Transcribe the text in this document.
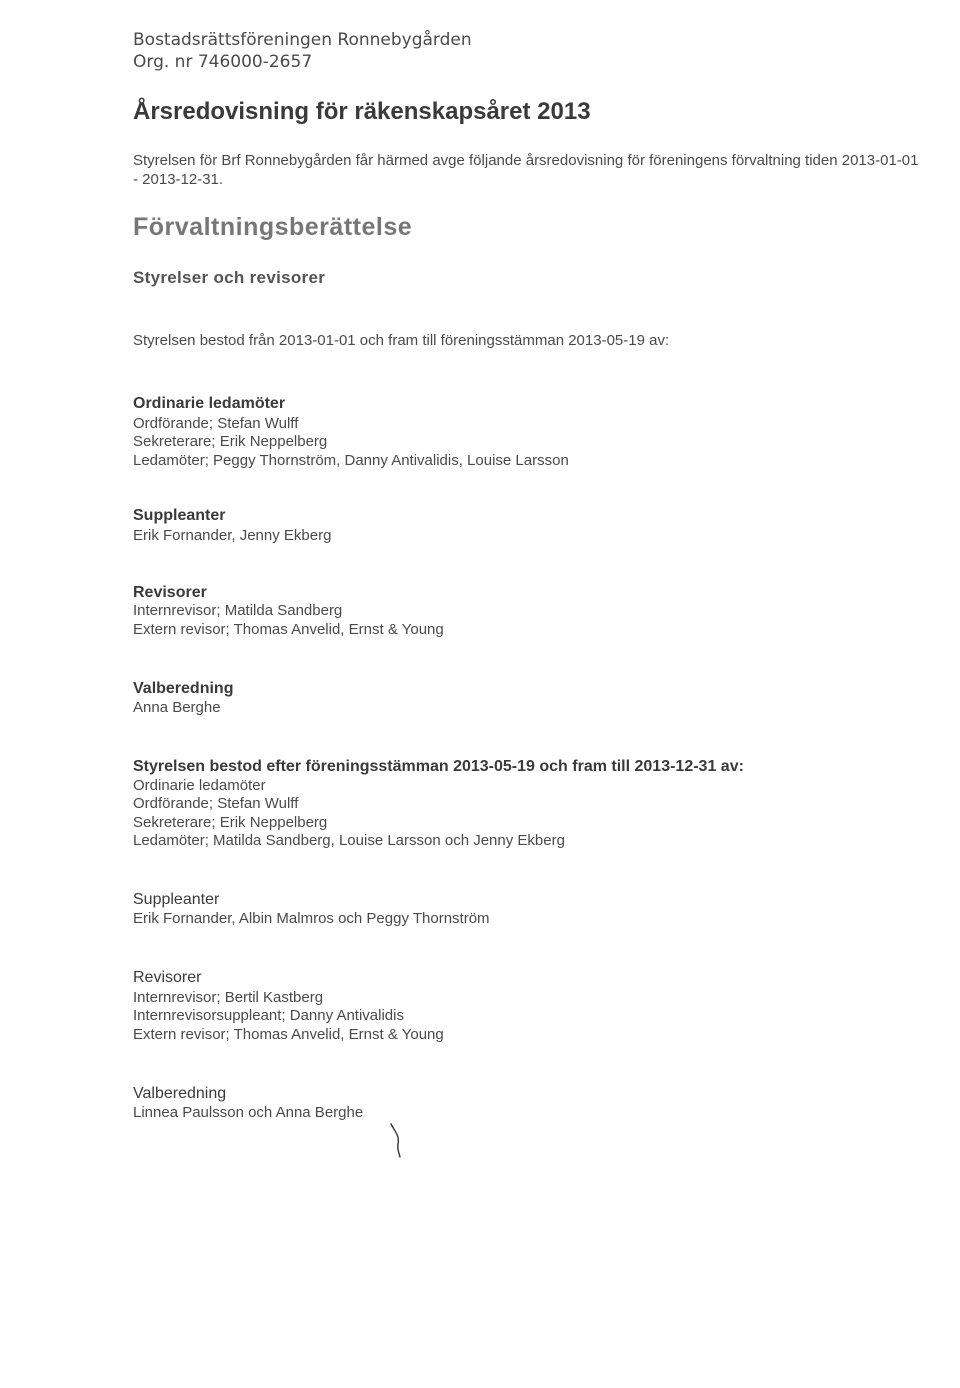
Bostadsrättsföreningen Ronnebygården

Org. nr 746000-2657

Årsredovisning för räkenskapsåret 2013

Styrelsen för Brf Ronnebygården får härmed avge följande årsredovisning för föreningens förvaltning tiden 2013-01-01 - 2013-12-31.

Förvaltningsberättelse

Styrelser och revisorer

Styrelsen bestod från 2013-01-01 och fram till föreningsstämman 2013-05-19 av:

Ordinarie ledamöter

Ordförande; Stefan Wulff

Sekreterare; Erik Neppelberg

Ledamöter; Peggy Thornström, Danny Antivalidis, Louise Larsson

Suppleanter

Erik Fornander, Jenny Ekberg

Revisorer

Internrevisor; Matilda Sandberg

Extern revisor; Thomas Anvelid, Ernst & Young

Valberedning

Anna Berghe

Styrelsen bestod efter föreningsstämman 2013-05-19 och fram till 2013-12-31 av:

Ordinarie ledamöter

Ordförande; Stefan Wulff

Sekreterare; Erik Neppelberg

Ledamöter; Matilda Sandberg, Louise Larsson och Jenny Ekberg

Suppleanter

Erik Fornander, Albin Malmros och Peggy Thornström

Revisorer

Internrevisor; Bertil Kastberg

Internrevisorsuppleant; Danny Antivalidis

Extern revisor; Thomas Anvelid, Ernst & Young

Valberedning

Linnea Paulsson och Anna Berghe
